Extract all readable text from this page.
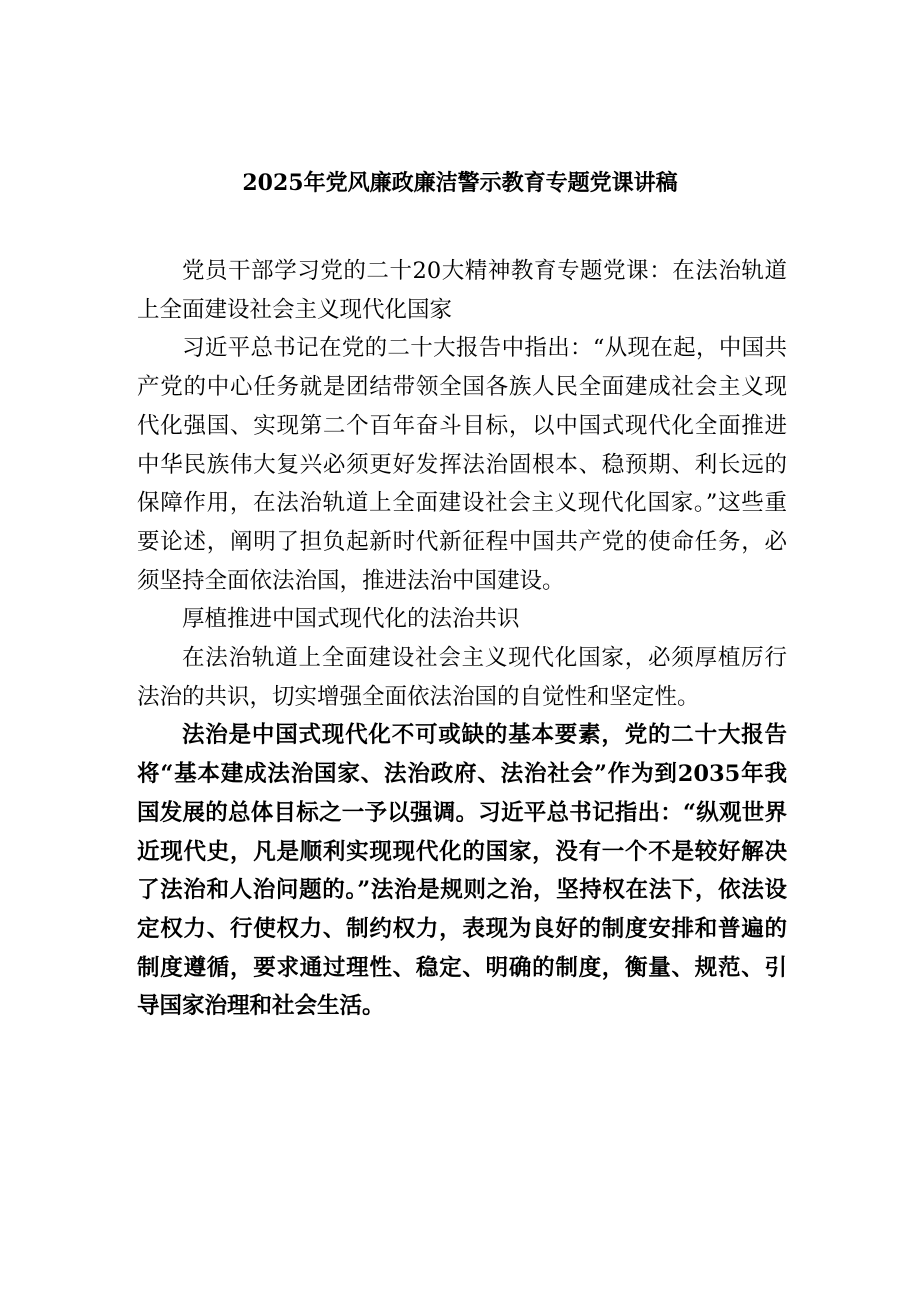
2025年党风廉政廉洁警示教育专题党课讲稿

党员干部学习党的二十20大精神教育专题党课：在法治轨道上全面建设社会主义现代化国家

习近平总书记在党的二十大报告中指出：“从现在起，中国共产党的中心任务就是团结带领全国各族人民全面建成社会主义现代化强国、实现第二个百年奋斗目标，以中国式现代化全面推进中华民族伟大复兴必须更好发挥法治固根本、稳预期、利长远的保障作用，在法治轨道上全面建设社会主义现代化国家。”这些重要论述，阐明了担负起新时代新征程中国共产党的使命任务，必须坚持全面依法治国，推进法治中国建设。

厚植推进中国式现代化的法治共识

在法治轨道上全面建设社会主义现代化国家，必须厚植厉行法治的共识，切实增强全面依法治国的自觉性和坚定性。

法治是中国式现代化不可或缺的基本要素，党的二十大报告将“基本建成法治国家、法治政府、法治社会”作为到2035年我国发展的总体目标之一予以强调。习近平总书记指出：“纵观世界近现代史，凡是顺利实现现代化的国家，没有一个不是较好解决了法治和人治问题的。”法治是规则之治，坚持权在法下，依法设定权力、行使权力、制约权力，表现为良好的制度安排和普遍的制度遵循，要求通过理性、稳定、明确的制度，衡量、规范、引导国家治理和社会生活。
